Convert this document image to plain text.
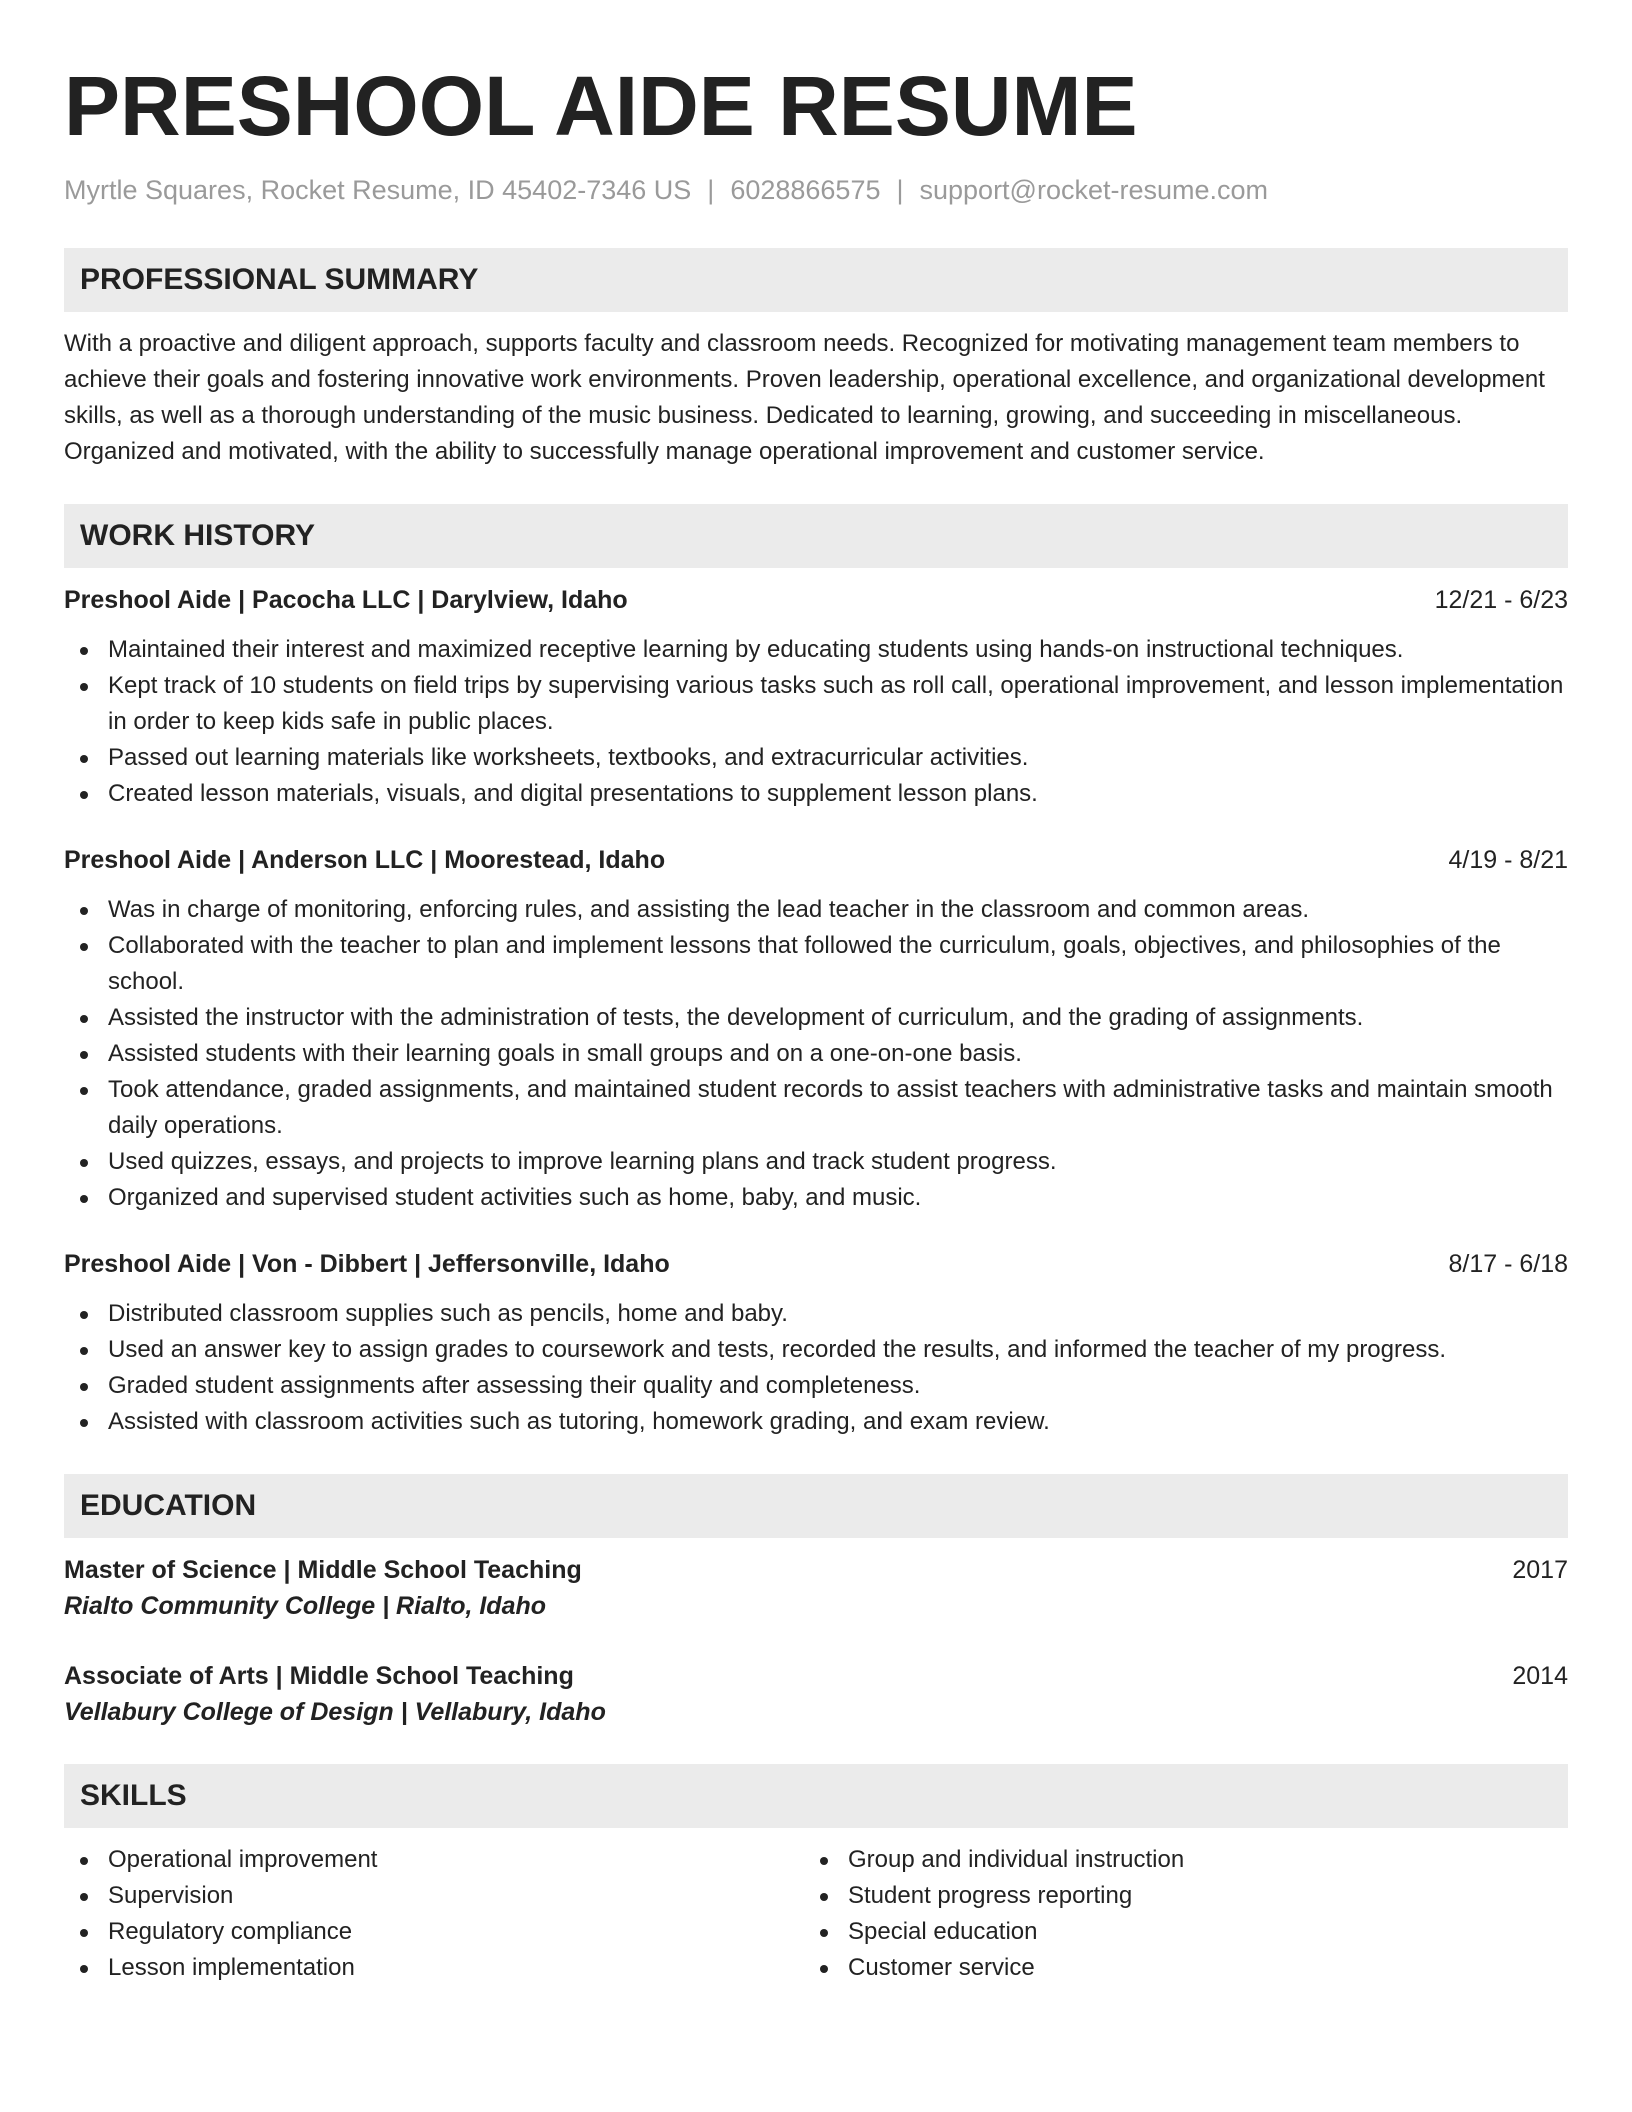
PRESHOOL AIDE RESUME
Myrtle Squares, Rocket Resume, ID 45402-7346 US | 6028866575 | support@rocket-resume.com
PROFESSIONAL SUMMARY

With a proactive and diligent approach, supports faculty and classroom needs. Recognized for motivating management team members to achieve their goals and fostering innovative work environments. Proven leadership, operational excellence, and organizational development skills, as well as a thorough understanding of the music business. Dedicated to learning, growing, and succeeding in miscellaneous. Organized and motivated, with the ability to successfully manage operational improvement and customer service.

WORK HISTORY
Preshool Aide | Pacocha LLC | Darylview, Idaho	12/21 - 6/23
Maintained their interest and maximized receptive learning by educating students using hands-on instructional techniques.
Kept track of 10 students on field trips by supervising various tasks such as roll call, operational improvement, and lesson implementation in order to keep kids safe in public places.
Passed out learning materials like worksheets, textbooks, and extracurricular activities.
Created lesson materials, visuals, and digital presentations to supplement lesson plans.
Preshool Aide | Anderson LLC | Moorestead, Idaho	4/19 - 8/21
Was in charge of monitoring, enforcing rules, and assisting the lead teacher in the classroom and common areas.
Collaborated with the teacher to plan and implement lessons that followed the curriculum, goals, objectives, and philosophies of the school.
Assisted the instructor with the administration of tests, the development of curriculum, and the grading of assignments.
Assisted students with their learning goals in small groups and on a one-on-one basis.
Took attendance, graded assignments, and maintained student records to assist teachers with administrative tasks and maintain smooth daily operations.
Used quizzes, essays, and projects to improve learning plans and track student progress.
Organized and supervised student activities such as home, baby, and music.
Preshool Aide | Von - Dibbert | Jeffersonville, Idaho	8/17 - 6/18
Distributed classroom supplies such as pencils, home and baby.
Used an answer key to assign grades to coursework and tests, recorded the results, and informed the teacher of my progress.
Graded student assignments after assessing their quality and completeness.
Assisted with classroom activities such as tutoring, homework grading, and exam review.
EDUCATION
Master of Science | Middle School Teaching	2017
Rialto Community College | Rialto, Idaho
Associate of Arts | Middle School Teaching	2014
Vellabury College of Design | Vellabury, Idaho
SKILLS
Operational improvement
Supervision
Regulatory compliance
Lesson implementation
Group and individual instruction
Student progress reporting
Special education
Customer service
